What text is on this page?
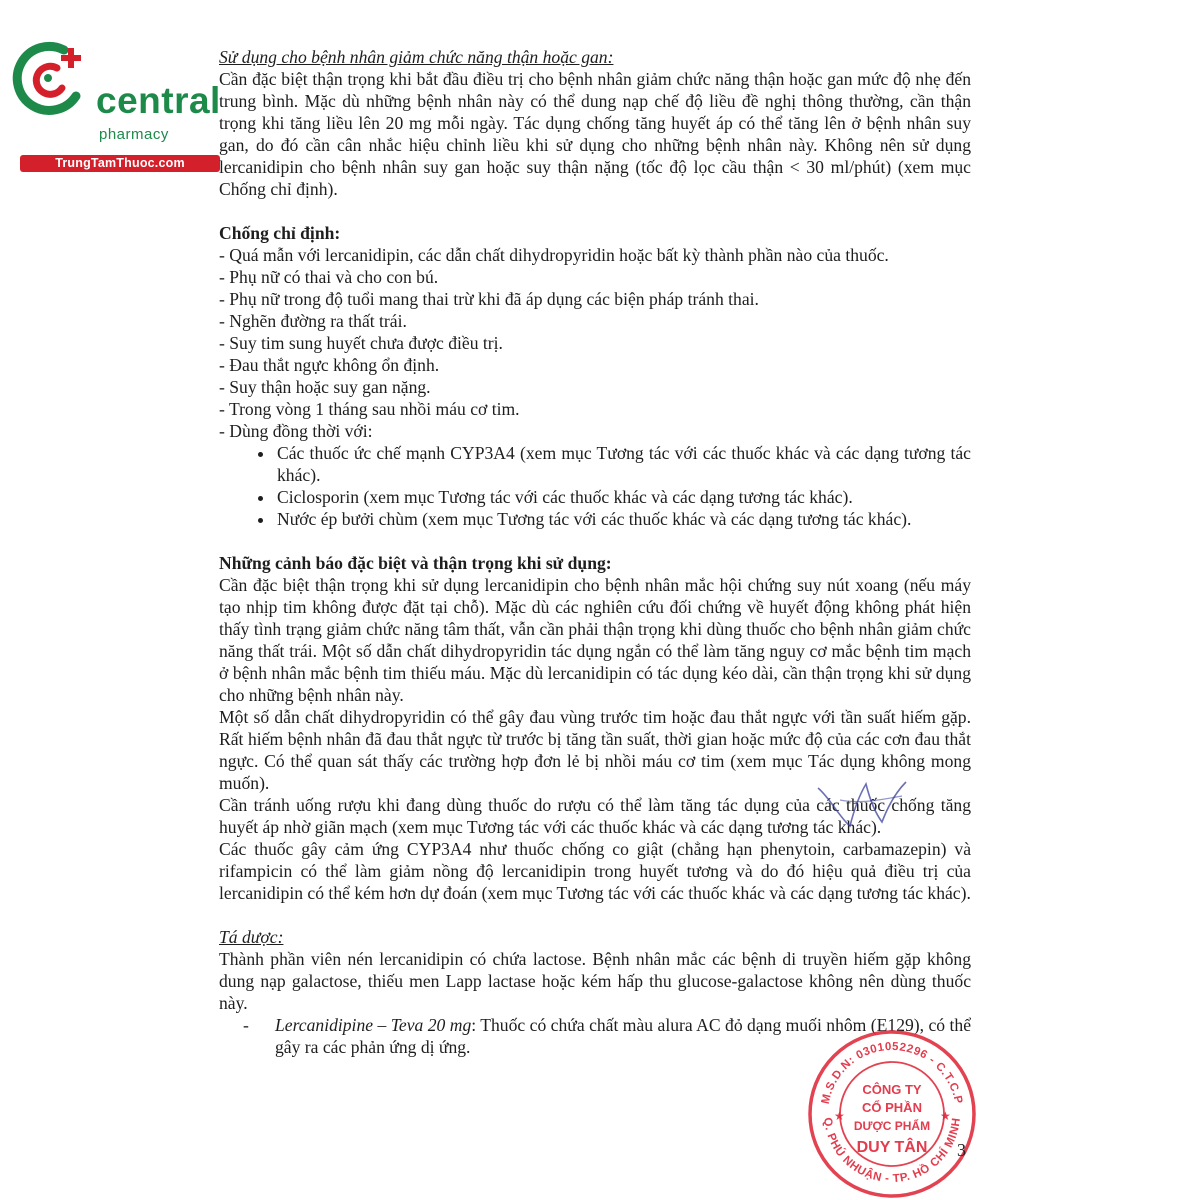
central

pharmacy

TrungTamThuoc.com

Sử dụng cho bệnh nhân giảm chức năng thận hoặc gan:

Cần đặc biệt thận trọng khi bắt đầu điều trị cho bệnh nhân giảm chức năng thận hoặc gan mức độ nhẹ đến trung bình. Mặc dù những bệnh nhân này có thể dung nạp chế độ liều đề nghị thông thường, cần thận trọng khi tăng liều lên 20 mg mỗi ngày. Tác dụng chống tăng huyết áp có thể tăng lên ở bệnh nhân suy gan, do đó cần cân nhắc hiệu chỉnh liều khi sử dụng cho những bệnh nhân này. Không nên sử dụng lercanidipin cho bệnh nhân suy gan hoặc suy thận nặng (tốc độ lọc cầu thận < 30 ml/phút) (xem mục Chống chỉ định).

Chống chỉ định:

- Quá mẫn với lercanidipin, các dẫn chất dihydropyridin hoặc bất kỳ thành phần nào của thuốc.
- Phụ nữ có thai và cho con bú.
- Phụ nữ trong độ tuổi mang thai trừ khi đã áp dụng các biện pháp tránh thai.
- Nghẽn đường ra thất trái.
- Suy tim sung huyết chưa được điều trị.
- Đau thắt ngực không ổn định.
- Suy thận hoặc suy gan nặng.
- Trong vòng 1 tháng sau nhồi máu cơ tim.
- Dùng đồng thời với:
• Các thuốc ức chế mạnh CYP3A4 (xem mục Tương tác với các thuốc khác và các dạng tương tác khác).
• Ciclosporin (xem mục Tương tác với các thuốc khác và các dạng tương tác khác).
• Nước ép bưởi chùm (xem mục Tương tác với các thuốc khác và các dạng tương tác khác).

Những cảnh báo đặc biệt và thận trọng khi sử dụng:

Cần đặc biệt thận trọng khi sử dụng lercanidipin cho bệnh nhân mắc hội chứng suy nút xoang (nếu máy tạo nhịp tim không được đặt tại chỗ). Mặc dù các nghiên cứu đối chứng về huyết động không phát hiện thấy tình trạng giảm chức năng tâm thất, vẫn cần phải thận trọng khi dùng thuốc cho bệnh nhân giảm chức năng thất trái. Một số dẫn chất dihydropyridin tác dụng ngắn có thể làm tăng nguy cơ mắc bệnh tim mạch ở bệnh nhân mắc bệnh tim thiếu máu. Mặc dù lercanidipin có tác dụng kéo dài, cần thận trọng khi sử dụng cho những bệnh nhân này.

Một số dẫn chất dihydropyridin có thể gây đau vùng trước tim hoặc đau thắt ngực với tần suất hiếm gặp. Rất hiếm bệnh nhân đã đau thắt ngực từ trước bị tăng tần suất, thời gian hoặc mức độ của các cơn đau thắt ngực. Có thể quan sát thấy các trường hợp đơn lẻ bị nhồi máu cơ tim (xem mục Tác dụng không mong muốn).

Cần tránh uống rượu khi đang dùng thuốc do rượu có thể làm tăng tác dụng của các thuốc chống tăng huyết áp nhờ giãn mạch (xem mục Tương tác với các thuốc khác và các dạng tương tác khác).

Các thuốc gây cảm ứng CYP3A4 như thuốc chống co giật (chẳng hạn phenytoin, carbamazepin) và rifampicin có thể làm giảm nồng độ lercanidipin trong huyết tương và do đó hiệu quả điều trị của lercanidipin có thể kém hơn dự đoán (xem mục Tương tác với các thuốc khác và các dạng tương tác khác).

Tá dược:

Thành phần viên nén lercanidipin có chứa lactose. Bệnh nhân mắc các bệnh di truyền hiếm gặp không dung nạp galactose, thiếu men Lapp lactase hoặc kém hấp thu glucose-galactose không nên dùng thuốc này.

- Lercanidipine – Teva 20 mg: Thuốc có chứa chất màu alura AC đỏ dạng muối nhôm (E129), có thể gây ra các phản ứng dị ứng.

M.S.D.N: 0301052296 - C.T.C.P
Q. PHÚ NHUẬN - TP. HỒ CHÍ MINH
CÔNG TY
CỔ PHẦN
DƯỢC PHẨM
DUY TÂN
★	★

3
